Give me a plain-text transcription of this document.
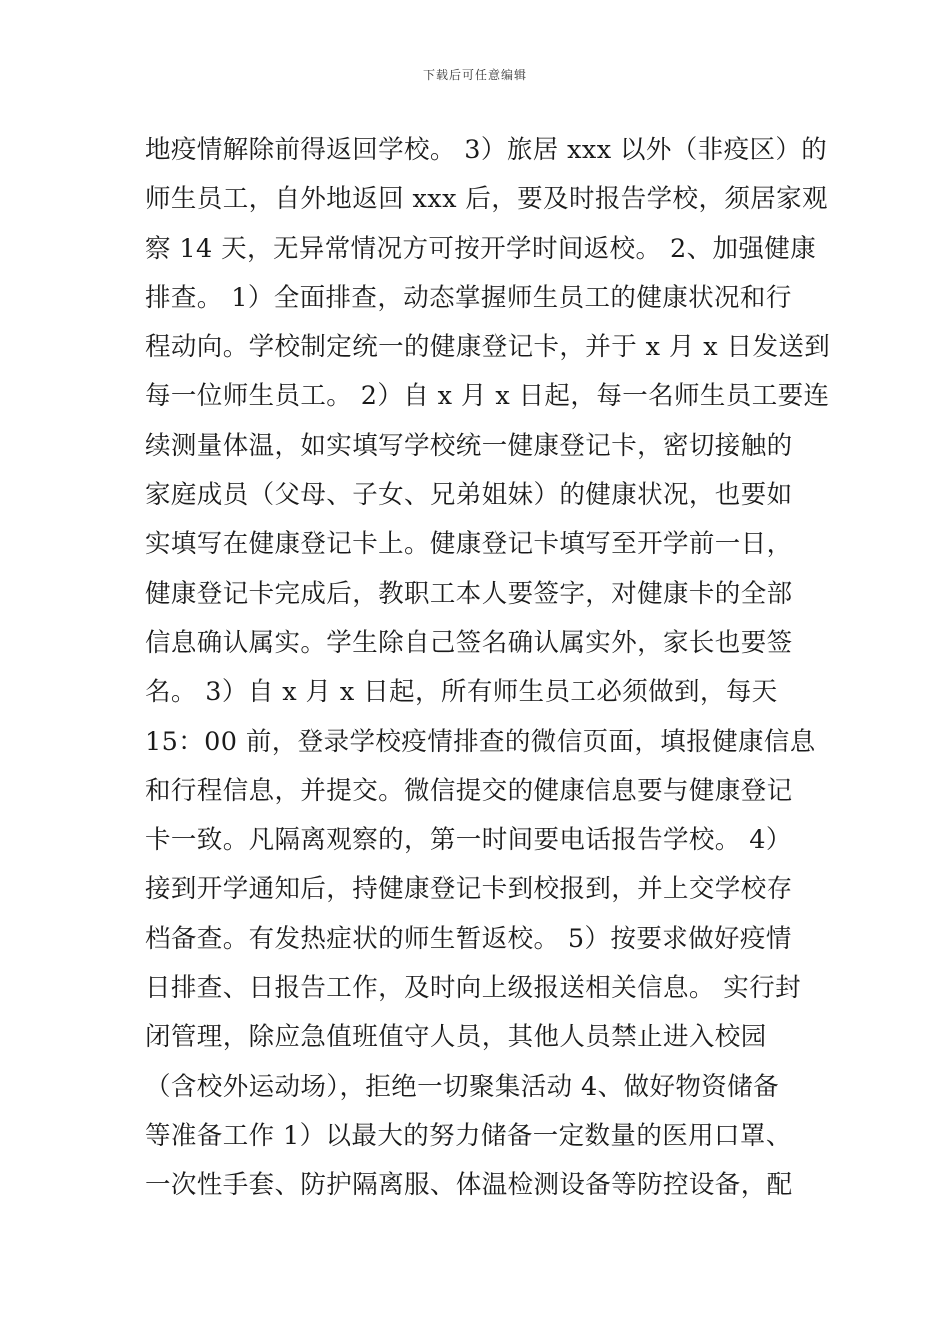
下载后可任意编辑
地疫情解除前得返回学校。 3）旅居 xxx 以外（非疫区）的
师生员工，自外地返回 xxx 后，要及时报告学校，须居家观
察 14 天，无异常情况方可按开学时间返校。 2、加强健康
排查。 1）全面排查，动态掌握师生员工的健康状况和行
程动向。学校制定统一的健康登记卡，并于 x 月 x 日发送到
每一位师生员工。 2）自 x 月 x 日起，每一名师生员工要连
续测量体温，如实填写学校统一健康登记卡，密切接触的
家庭成员（父母、子女、兄弟姐妹）的健康状况，也要如
实填写在健康登记卡上。健康登记卡填写至开学前一日，
健康登记卡完成后，教职工本人要签字，对健康卡的全部
信息确认属实。学生除自己签名确认属实外，家长也要签
名。 3）自 x 月 x 日起，所有师生员工必须做到，每天
15：00 前，登录学校疫情排查的微信页面，填报健康信息
和行程信息，并提交。微信提交的健康信息要与健康登记
卡一致。凡隔离观察的，第一时间要电话报告学校。 4）
接到开学通知后，持健康登记卡到校报到，并上交学校存
档备查。有发热症状的师生暂返校。 5）按要求做好疫情
日排查、日报告工作，及时向上级报送相关信息。 实行封
闭管理，除应急值班值守人员，其他人员禁止进入校园
（含校外运动场），拒绝一切聚集活动 4、做好物资储备
等准备工作 1）以最大的努力储备一定数量的医用口罩、
一次性手套、防护隔离服、体温检测设备等防控设备，配
